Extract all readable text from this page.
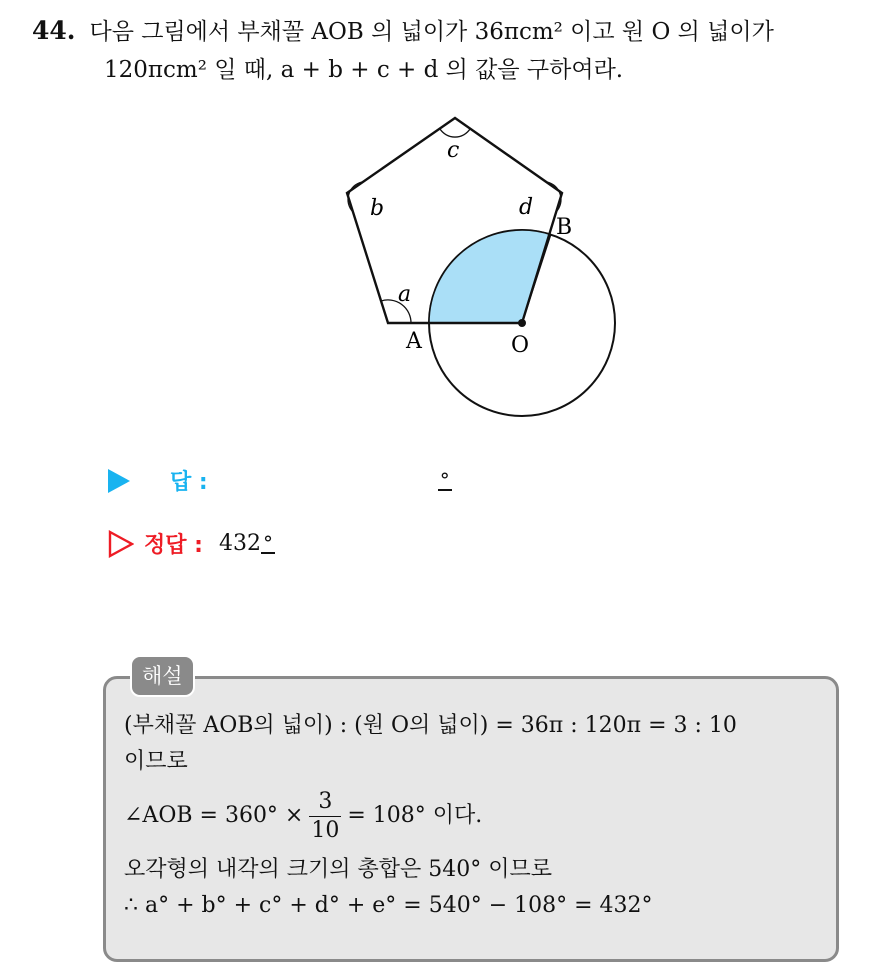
44. 다음 그림에서 부채꼴 AOB 의 넓이가 36πcm² 이고 원 O 의 넓이가
120πcm² 일 때, a + b + c + d 의 값을 구하여라.
a
b
c
d
A
B
O
답 :	°
정답 : 432 °
해설
(부채꼴 AOB의 넓이) : (원 O의 넓이) = 36π : 120π = 3 : 10
이므로
∠AOB = $360^\circ \times \frac{3}{10} = 108^\circ$ 이다.
오각형의 내각의 크기의 총합은 540° 이므로
∴ a° + b° + c° + d° + e° = 540° − 108° = 432°
